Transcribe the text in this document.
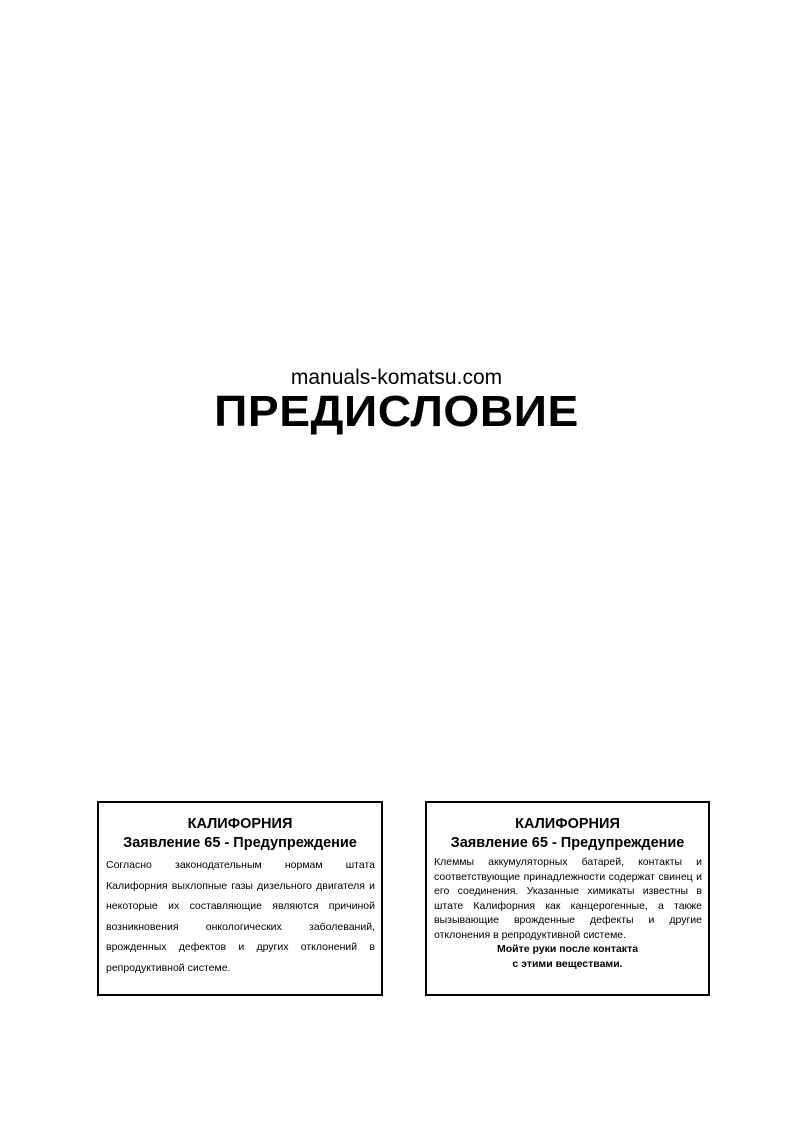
manuals-komatsu.com
ПРЕДИСЛОВИЕ
КАЛИФОРНИЯ
Заявление 65 - Предупреждение
Согласно законодательным нормам штата Калифорния выхлопные газы дизельного двигателя и некоторые их составляющие являются причиной возникновения онкологических заболеваний, врожденных дефектов и других отклонений в репродуктивной системе.
КАЛИФОРНИЯ
Заявление 65 - Предупреждение
Клеммы аккумуляторных батарей, контакты и соответствующие принадлежности содержат свинец и его соединения. Указанные химикаты известны в штате Калифорния как канцерогенные, а также вызывающие врожденные дефекты и другие отклонения в репродуктивной системе.
Мойте руки после контакта
с этими веществами.
